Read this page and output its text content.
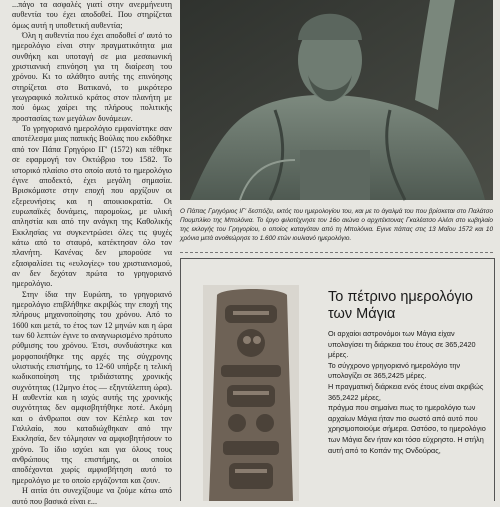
...πάγο τα ασφαλές γιατί στην ανερμήνευτη αυθεντία του έχει αποδοθεί. Που στηρίζεται όμως αυτή η υποθετική αυθεντία;

Όλη η αυθεντία που έχει αποδοθεί σ' αυτό το ημερολόγιο είναι στην πραγματικότητα μια συνθήκη και υποταγή σε μια μεσαιωνική χριστιανική επινόηση για τη διαίρεση του χρόνου. Κι το αλάθητο αυτής της επινόησης στηρίζεται στο Βατικανό, το μικρότερο γεωγραφικό πολιτικό κράτος στον πλανήτη με πού όμως χαίρει της πλήρους πολιτικής προστασίας των μεγάλων δυνάμεων.

Το γρηγοριανό ημερολόγιο εμφανίστηκε σαν αποτέλεσμα μιας παπικής Βούλας που εκδόθηκε από τον Πάπα Γρηγόριο ΙΓ' (1572) και τέθηκε σε εφαρμογή τον Οκτώβριο του 1582. Το ιστορικό πλαίσιο στο οποίο αυτό το ημερολόγιο έγινε αποδεκτό, έχει μεγάλη σημασία. Βρισκόμαστε στην εποχή που αρχίζουν οι εξερευνήσεις και η αποικιοκρατία. Οι ευρωπαϊκές δυνάμεις, παρομοίως, με υλική απληστία και από την ανάγκη της Καθολικής Εκκλησίας να συγκεντρώσει όλες τις ψυχές κάτω από το σταυρό, κατέκτησαν όλο τον πλανήτη. Κανένας δεν μπορούσε να εξασφαλίσει τις «ευλογίες» του χριστιανισμού, αν δεν δεχόταν πρώτα το γρηγοριανό ημερολόγιο.

Στην ίδια την Ευρώπη, το γρηγοριανό ημερολόγιο επιβλήθηκε ακριβώς την εποχή της πλήρους μηχανοποίησης του χρόνου. Από το 1600 και μετά, το έτος των 12 μηνών και η ώρα των 60 λεπτών έγινε το αναγνωρισμένο πρότυπο ρύθμισης του χρόνου. Έτσι, συνδυάστηκε και μορφοποιήθηκε της αρχές της σύγχρονης υλιστικής επιστήμης, το 12-60 υπήρξε η τελική κωδικοποίηση της τριδιάστατης χρονικής συχνότητας (12μηνο έτος — εξηντάλεπτη ώρα). Η αυθεντία και η ισχύς αυτής της χρονικής συχνότητας δεν αμφισβητήθηκε ποτέ. Ακόμη και ο άνθρωποι σαν τον Κέπλερ και τον Γαλιλαίο, που καταδιώχθηκαν από την Εκκλησία, δεν τόλμησαν να αμφισβητήσουν το χρόνο. Το ίδιο ισχύει και για όλους τους ανθρώπους της επιστήμης, οι οποίοι αποδέχονται χωρίς αμφισβήτηση αυτό το ημερολόγιο με το οποίο εργάζονται και ζουν.

Η αιτία ότι συνεχίζουμε να ζούμε κάτω από αυτό που βασικά είναι ε...

Ο Πάπας Γρηγόριος ΙΓ' δεσπόζει, εκτός του ημερολογίου του, και με το άγαλμά του που βρίσκεται στο Παλάτσο Πουμπλίκο της Μπολόνια. Το έργο φιλοτέχνησε τον 16ο αιώνα ο αρχιτέκτονας Γκαλέατσο Αλέσι στο ιωβηλαίο της εκλογής του Γρηγορίου, ο οποίος καταγόταν από τη Μπολόνια. Εγινε πάπας στις 13 Μαΐου 1572 και 10 χρόνια μετά ανοθεώρησε το 1.600 ετών ιουλιανό ημερολόγιο.
Το πέτρινο ημερολόγιο των Μάγια

Οι αρχαίοι αστρονόμοι των Μάγια είχαν υπολογίσει τη διάρκεια του έτους σε 365,2420 μέρες.

Το σύγχρονο γρηγοριανό ημερολόγιο την υπολογίζει σε 365,2425 μέρες.

Η πραγματική διάρκεια ενός έτους είναι ακριβώς 365,2422 μέρες,

πράγμα που σημαίνει πως το ημερολόγιο των αρχαίων Μάγια ήταν πιο σωστό από αυτό που χρησιμοποιούμε σήμερα. Ωστόσο, το ημερολόγιο των Μάγια δεν ήταν και τόσο εύχρηστο. Η στήλη αυτή από το Κοπάν της Ονδούρας,
